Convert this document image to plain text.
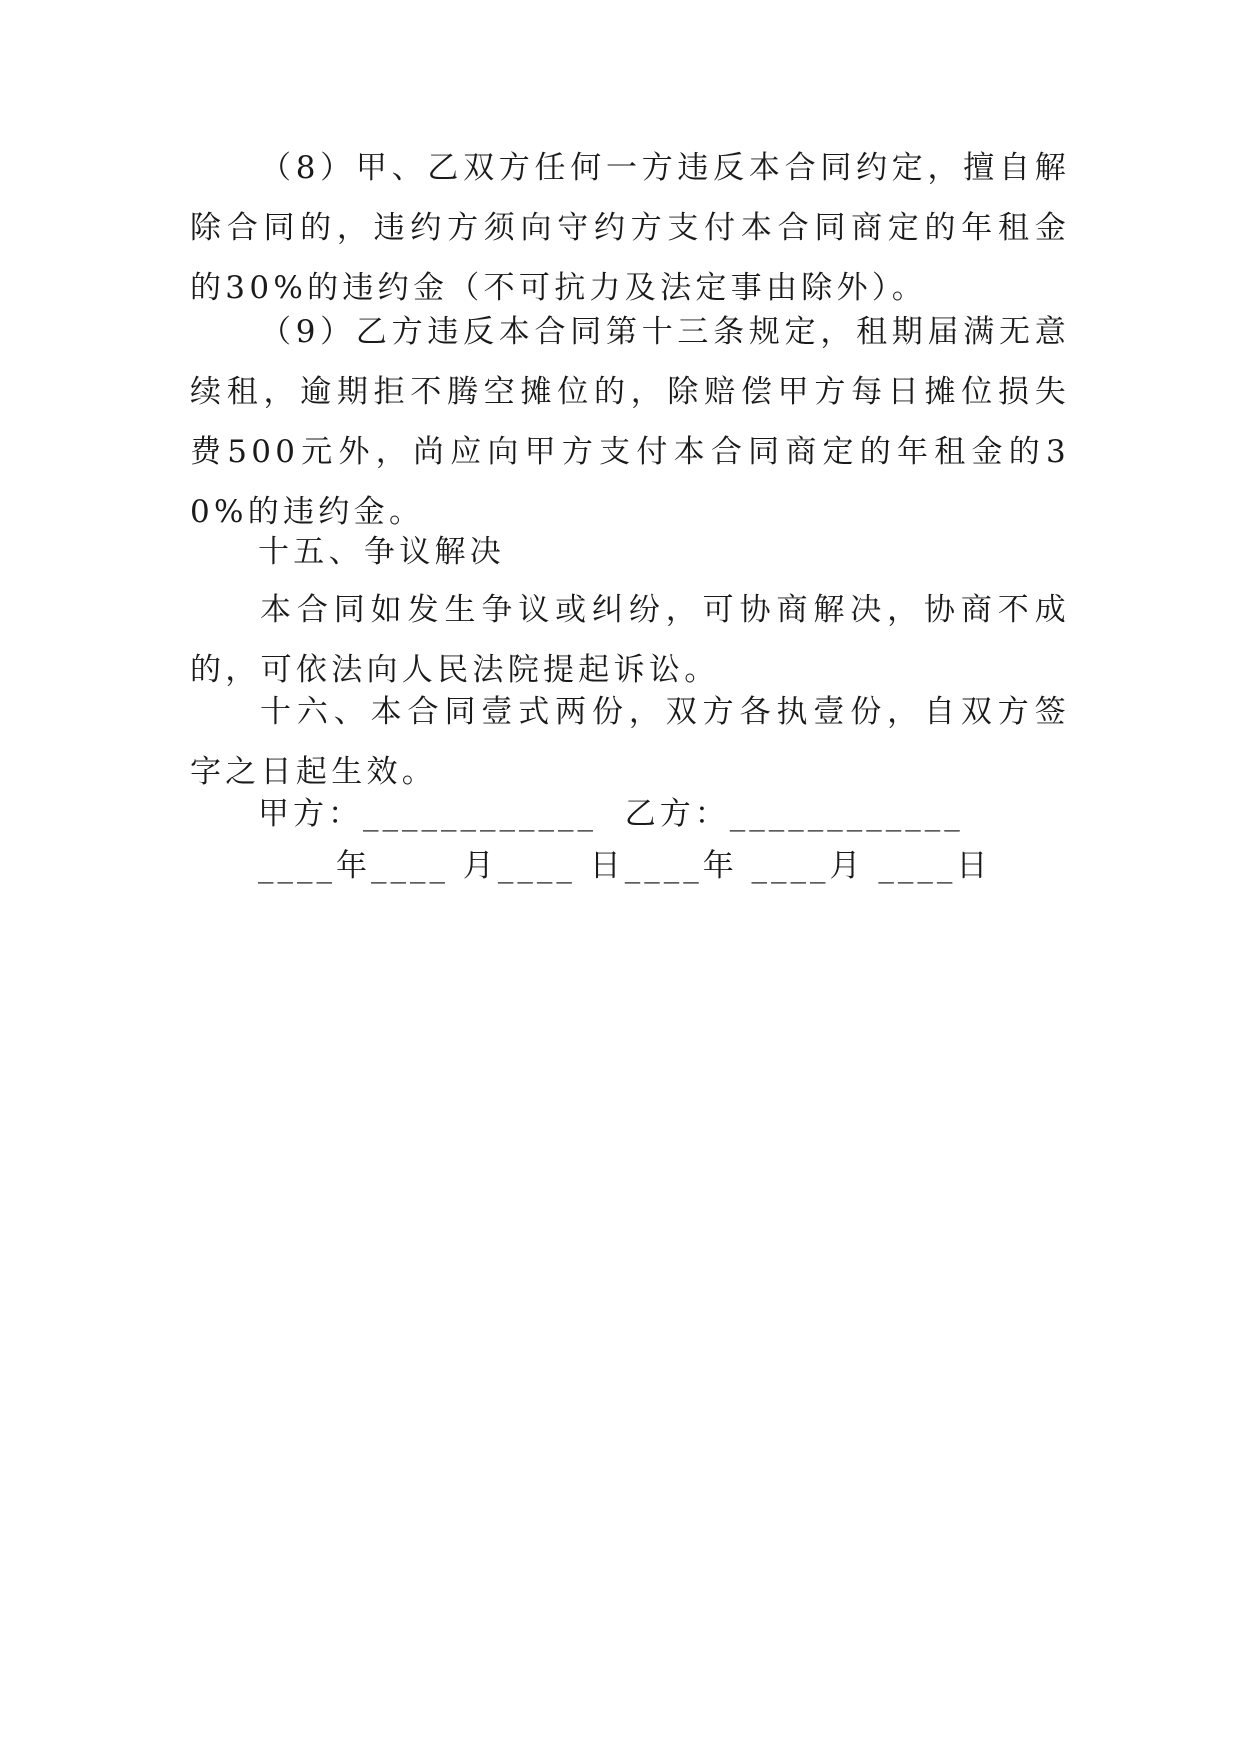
（8）甲、乙双方任何一方违反本合同约定，擅自解除合同的，违约方须向守约方支付本合同商定的年租金的30%的违约金（不可抗力及法定事由除外）。

（9）乙方违反本合同第十三条规定，租期届满无意续租，逾期拒不腾空摊位的，除赔偿甲方每日摊位损失费500元外，尚应向甲方支付本合同商定的年租金的30%的违约金。

十五、争议解决

本合同如发生争议或纠纷，可协商解决，协商不成的，可依法向人民法院提起诉讼。

十六、本合同壹式两份，双方各执壹份，自双方签字之日起生效。

甲方：____________  乙方：____________

____年____ 月____ 日____年 ____月 ____日
